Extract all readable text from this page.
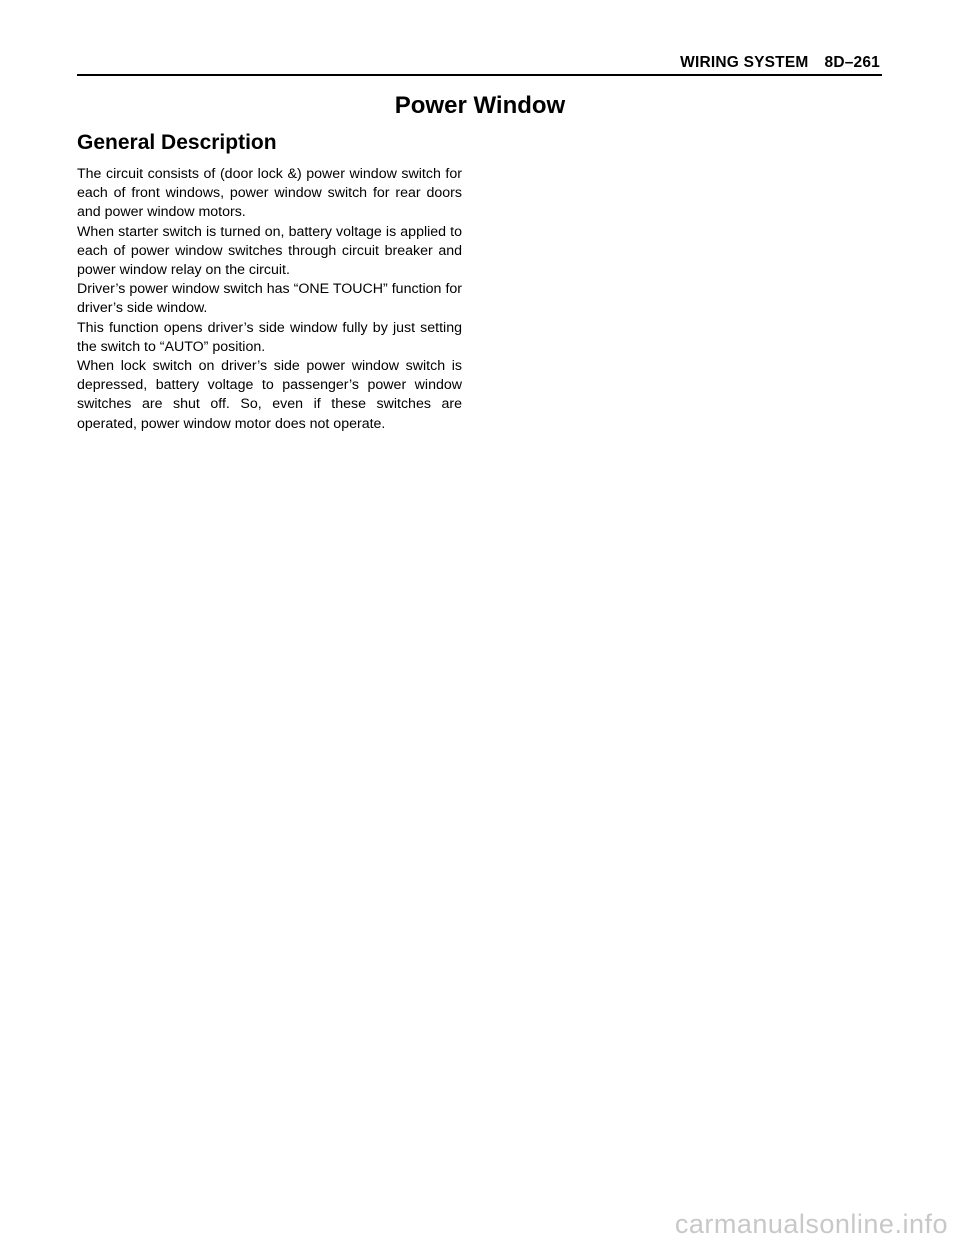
WIRING SYSTEM 8D–261
Power Window
General Description

The circuit consists of (door lock &) power window switch for each of front windows, power window switch for rear doors and power window motors.

When starter switch is turned on, battery voltage is applied to each of power window switches through circuit breaker and power window relay on the circuit.

Driver’s power window switch has “ONE TOUCH” function for driver’s side window.

This function opens driver’s side window fully by just setting the switch to “AUTO” position.

When lock switch on driver’s side power window switch is depressed, battery voltage to passenger’s power window switches are shut off. So, even if these switches are operated, power window motor does not operate.

carmanualsonline.info
